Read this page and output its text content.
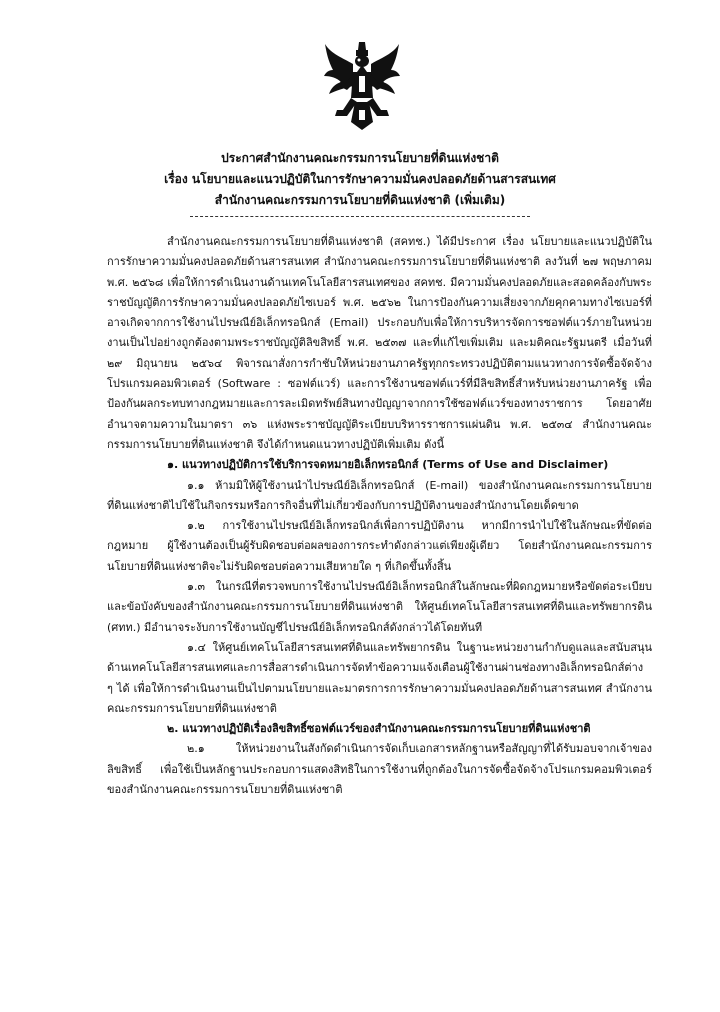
ประกาศสำนักงานคณะกรรมการนโยบายที่ดินแห่งชาติ
เรื่อง นโยบายและแนวปฏิบัติในการรักษาความมั่นคงปลอดภัยด้านสารสนเทศ
สำนักงานคณะกรรมการนโยบายที่ดินแห่งชาติ (เพิ่มเติม)

สำนักงานคณะกรรมการนโยบายที่ดินแห่งชาติ (สคทช.) ได้มีประกาศ เรื่อง นโยบายและแนวปฏิบัติในการรักษาความมั่นคงปลอดภัยด้านสารสนเทศ สำนักงานคณะกรรมการนโยบายที่ดินแห่งชาติ ลงวันที่ ๒๗ พฤษภาคม พ.ศ. ๒๕๖๘ เพื่อให้การดำเนินงานด้านเทคโนโลยีสารสนเทศของ สคทช. มีความมั่นคงปลอดภัยและสอดคล้องกับพระราชบัญญัติการรักษาความมั่นคงปลอดภัยไซเบอร์ พ.ศ. ๒๕๖๒ ในการป้องกันความเสี่ยงจากภัยคุกคามทางไซเบอร์ที่อาจเกิดจากการใช้งานไปรษณีย์อิเล็กทรอนิกส์ (Email) ประกอบกับเพื่อให้การบริหารจัดการซอฟต์แวร์ภายในหน่วยงานเป็นไปอย่างถูกต้องตามพระราชบัญญัติลิขสิทธิ์ พ.ศ. ๒๕๓๗ และที่แก้ไขเพิ่มเติม และมติคณะรัฐมนตรี เมื่อวันที่ ๒๙ มิถุนายน ๒๕๖๔ พิจารณาสั่งการกำชับให้หน่วยงานภาครัฐทุกกระทรวงปฏิบัติตามแนวทางการจัดซื้อจัดจ้างโปรแกรมคอมพิวเตอร์ (Software : ซอฟต์แวร์) และการใช้งานซอฟต์แวร์ที่มีลิขสิทธิ์สำหรับหน่วยงานภาครัฐ เพื่อป้องกันผลกระทบทางกฎหมายและการละเมิดทรัพย์สินทางปัญญาจากการใช้ซอฟต์แวร์ของทางราชการ โดยอาศัยอำนาจตามความในมาตรา ๓๖ แห่งพระราชบัญญัติระเบียบบริหารราชการแผ่นดิน พ.ศ. ๒๕๓๔ สำนักงานคณะกรรมการนโยบายที่ดินแห่งชาติ จึงได้กำหนดแนวทางปฏิบัติเพิ่มเติม ดังนี้

๑. แนวทางปฏิบัติการใช้บริการจดหมายอิเล็กทรอนิกส์ (Terms of Use and Disclaimer)

๑.๑ ห้ามมิให้ผู้ใช้งานนำไปรษณีย์อิเล็กทรอนิกส์ (E-mail) ของสำนักงานคณะกรรมการนโยบายที่ดินแห่งชาติไปใช้ในกิจกรรมหรือการกิจอื่นที่ไม่เกี่ยวข้องกับการปฏิบัติงานของสำนักงานโดยเด็ดขาด

๑.๒ การใช้งานไปรษณีย์อิเล็กทรอนิกส์เพื่อการปฏิบัติงาน หากมีการนำไปใช้ในลักษณะที่ขัดต่อกฎหมาย ผู้ใช้งานต้องเป็นผู้รับผิดชอบต่อผลของการกระทำดังกล่าวแต่เพียงผู้เดียว โดยสำนักงานคณะกรรมการนโยบายที่ดินแห่งชาติจะไม่รับผิดชอบต่อความเสียหายใด ๆ ที่เกิดขึ้นทั้งสิ้น

๑.๓ ในกรณีที่ตรวจพบการใช้งานไปรษณีย์อิเล็กทรอนิกส์ในลักษณะที่ผิดกฎหมายหรือขัดต่อระเบียบและข้อบังคับของสำนักงานคณะกรรมการนโยบายที่ดินแห่งชาติ ให้ศูนย์เทคโนโลยีสารสนเทศที่ดินและทรัพยากรดิน (ศทท.) มีอำนาจระงับการใช้งานบัญชีไปรษณีย์อิเล็กทรอนิกส์ดังกล่าวได้โดยทันที

๑.๔ ให้ศูนย์เทคโนโลยีสารสนเทศที่ดินและทรัพยากรดิน ในฐานะหน่วยงานกำกับดูแลและสนับสนุนด้านเทคโนโลยีสารสนเทศและการสื่อสารดำเนินการจัดทำข้อความแจ้งเตือนผู้ใช้งานผ่านช่องทางอิเล็กทรอนิกส์ต่าง ๆ ได้ เพื่อให้การดำเนินงานเป็นไปตามนโยบายและมาตรการการรักษาความมั่นคงปลอดภัยด้านสารสนเทศ สำนักงานคณะกรรมการนโยบายที่ดินแห่งชาติ

๒. แนวทางปฏิบัติเรื่องลิขสิทธิ์ซอฟต์แวร์ของสำนักงานคณะกรรมการนโยบายที่ดินแห่งชาติ

๒.๑ ให้หน่วยงานในสังกัดดำเนินการจัดเก็บเอกสารหลักฐานหรือสัญญาที่ได้รับมอบจากเจ้าของลิขสิทธิ์ เพื่อใช้เป็นหลักฐานประกอบการแสดงสิทธิในการใช้งานที่ถูกต้องในการจัดซื้อจัดจ้างโปรแกรมคอมพิวเตอร์ของสำนักงานคณะกรรมการนโยบายที่ดินแห่งชาติ
